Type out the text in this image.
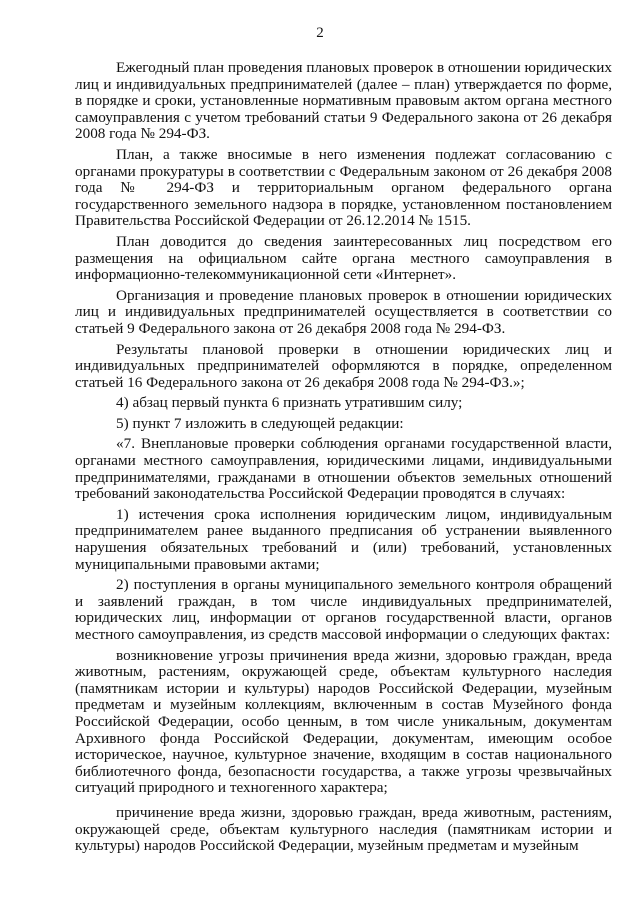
2

Ежегодный план проведения плановых проверок в отношении юридических лиц и индивидуальных предпринимателей (далее – план) утверждается по форме, в порядке и сроки, установленные нормативным правовым актом органа местного самоуправления с учетом требований статьи 9 Федерального закона от 26 декабря 2008 года № 294-ФЗ.

План, а также вносимые в него изменения подлежат согласованию с органами прокуратуры в соответствии с Федеральным законом от 26 декабря 2008 года № 294-ФЗ и территориальным органом федерального органа государственного земельного надзора в порядке, установленном постановлением Правительства Российской Федерации от 26.12.2014 № 1515.

План доводится до сведения заинтересованных лиц посредством его размещения на официальном сайте органа местного самоуправления в информационно-телекоммуникационной сети «Интернет».

Организация и проведение плановых проверок в отношении юридических лиц и индивидуальных предпринимателей осуществляется в соответствии со статьей 9 Федерального закона от 26 декабря 2008 года № 294-ФЗ.

Результаты плановой проверки в отношении юридических лиц и индивидуальных предпринимателей оформляются в порядке, определенном статьей 16 Федерального закона от 26 декабря 2008 года № 294-ФЗ.»;

4) абзац первый пункта 6 признать утратившим силу;

5) пункт 7 изложить в следующей редакции:

«7. Внеплановые проверки соблюдения органами государственной власти, органами местного самоуправления, юридическими лицами, индивидуальными предпринимателями, гражданами в отношении объектов земельных отношений требований законодательства Российской Федерации проводятся в случаях:

1) истечения срока исполнения юридическим лицом, индивидуальным предпринимателем ранее выданного предписания об устранении выявленного нарушения обязательных требований и (или) требований, установленных муниципальными правовыми актами;

2) поступления в органы муниципального земельного контроля обращений и заявлений граждан, в том числе индивидуальных предпринимателей, юридических лиц, информации от органов государственной власти, органов местного самоуправления, из средств массовой информации о следующих фактах:

возникновение угрозы причинения вреда жизни, здоровью граждан, вреда животным, растениям, окружающей среде, объектам культурного наследия (памятникам истории и культуры) народов Российской Федерации, музейным предметам и музейным коллекциям, включенным в состав Музейного фонда Российской Федерации, особо ценным, в том числе уникальным, документам Архивного фонда Российской Федерации, документам, имеющим особое историческое, научное, культурное значение, входящим в состав национального библиотечного фонда, безопасности государства, а также угрозы чрезвычайных ситуаций природного и техногенного характера;

причинение вреда жизни, здоровью граждан, вреда животным, растениям, окружающей среде, объектам культурного наследия (памятникам истории и культуры) народов Российской Федерации, музейным предметам и музейным
